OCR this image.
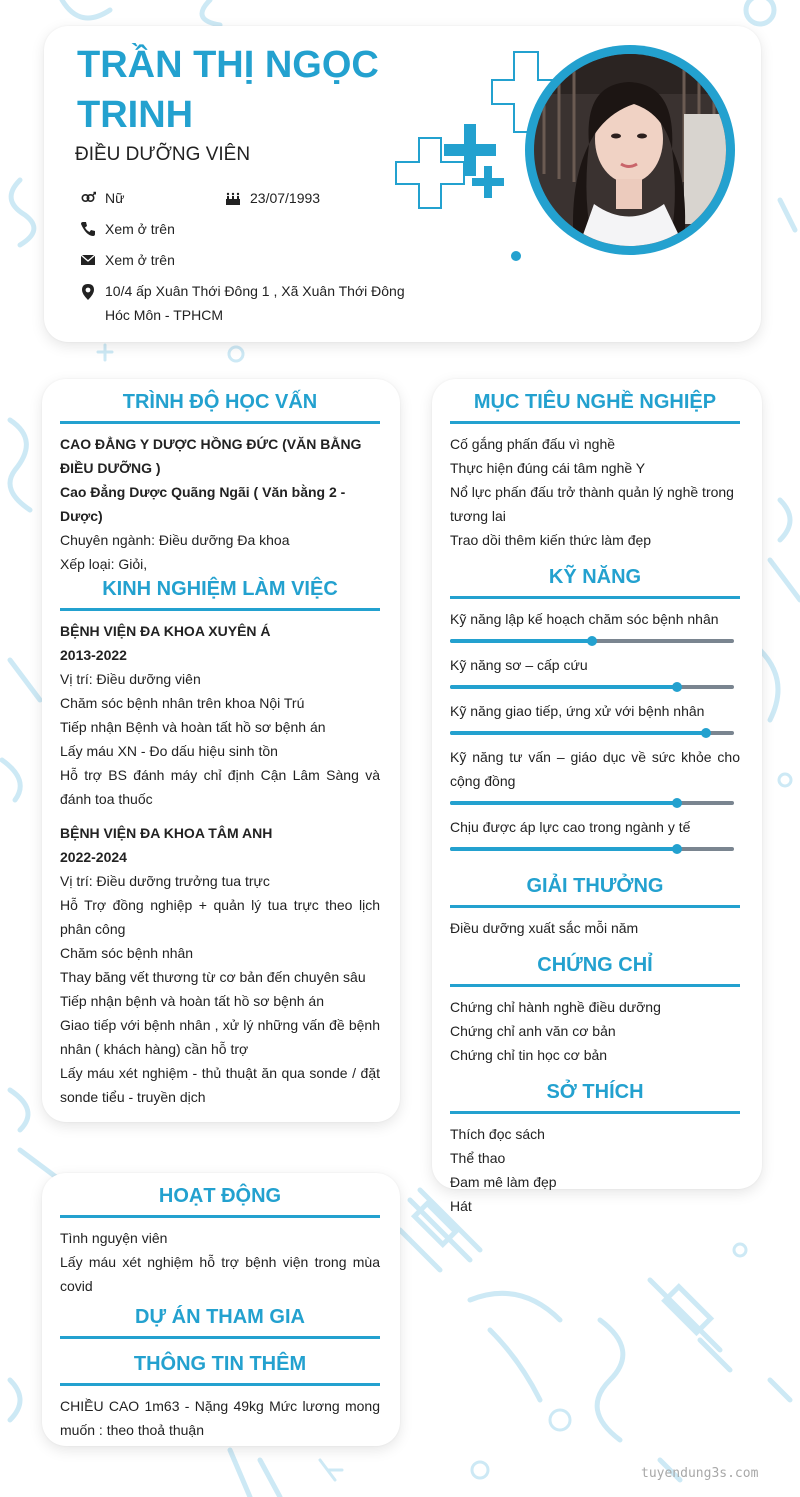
TRẦN THỊ NGỌC TRINH
ĐIỀU DƯỠNG VIÊN
Nữ	23/07/1993
Xem ở trên
Xem ở trên
10/4 ấp Xuân Thới Đông 1 , Xã Xuân Thới Đông Hóc Môn - TPHCM
TRÌNH ĐỘ HỌC VẤN
CAO ĐẲNG Y DƯỢC HỒNG ĐỨC (VĂN BẰNG ĐIỀU DƯỠNG )
Cao Đẳng Dược Quãng Ngãi ( Văn bằng 2 -Dược)
Chuyên ngành: Điều dưỡng Đa khoa
Xếp loại: Giỏi,
KINH NGHIỆM LÀM VIỆC
BỆNH VIỆN ĐA KHOA XUYÊN Á
2013-2022
Vị trí: Điều dưỡng viên
Chăm sóc bệnh nhân trên khoa Nội Trú
Tiếp nhận Bệnh và hoàn tất hồ sơ bệnh án
Lấy máu XN - Đo dấu hiệu sinh tồn
Hỗ trợ BS đánh máy chỉ định Cận Lâm Sàng và đánh toa thuốc
BỆNH VIỆN ĐA KHOA TÂM ANH
2022-2024
Vị trí: Điều dưỡng trưởng tua trực
Hỗ Trợ đồng nghiệp + quản lý tua trực theo lịch phân công
Chăm sóc bệnh nhân
Thay băng vết thương từ cơ bản đến chuyên sâu
Tiếp nhận bệnh và hoàn tất hồ sơ bệnh án
Giao tiếp với bệnh nhân , xử lý những vấn đề bệnh nhân ( khách hàng) cần hỗ trợ
Lấy máu xét nghiệm - thủ thuật ăn qua sonde / đặt sonde tiểu - truyền dịch
MỤC TIÊU NGHỀ NGHIỆP
Cố gắng phấn đấu vì nghề
Thực hiện đúng cái tâm nghề Y
Nổ lực phấn đấu trở thành quản lý nghề trong tương lai
Trao dồi thêm kiến thức làm đẹp
KỸ NĂNG
Kỹ năng lập kế hoạch chăm sóc bệnh nhân
Kỹ năng sơ – cấp cứu
Kỹ năng giao tiếp, ứng xử với bệnh nhân
Kỹ năng tư vấn – giáo dục về sức khỏe cho cộng đồng
Chịu được áp lực cao trong ngành y tế
GIẢI THƯỞNG
Điều dưỡng xuất sắc mỗi năm
CHỨNG CHỈ
Chứng chỉ hành nghề điều dưỡng
Chứng chỉ anh văn cơ bản
Chứng chỉ tin học cơ bản
SỞ THÍCH
Thích đọc sách
Thể thao
Đam mê làm đẹp
Hát
HOẠT ĐỘNG
Tình nguyện viên
Lấy máu xét nghiệm hỗ trợ bệnh viện trong mùa covid
DỰ ÁN THAM GIA
THÔNG TIN THÊM
CHIỀU CAO 1m63 - Nặng 49kg Mức lương mong muốn : theo thoả thuận
tuyendung3s.com
